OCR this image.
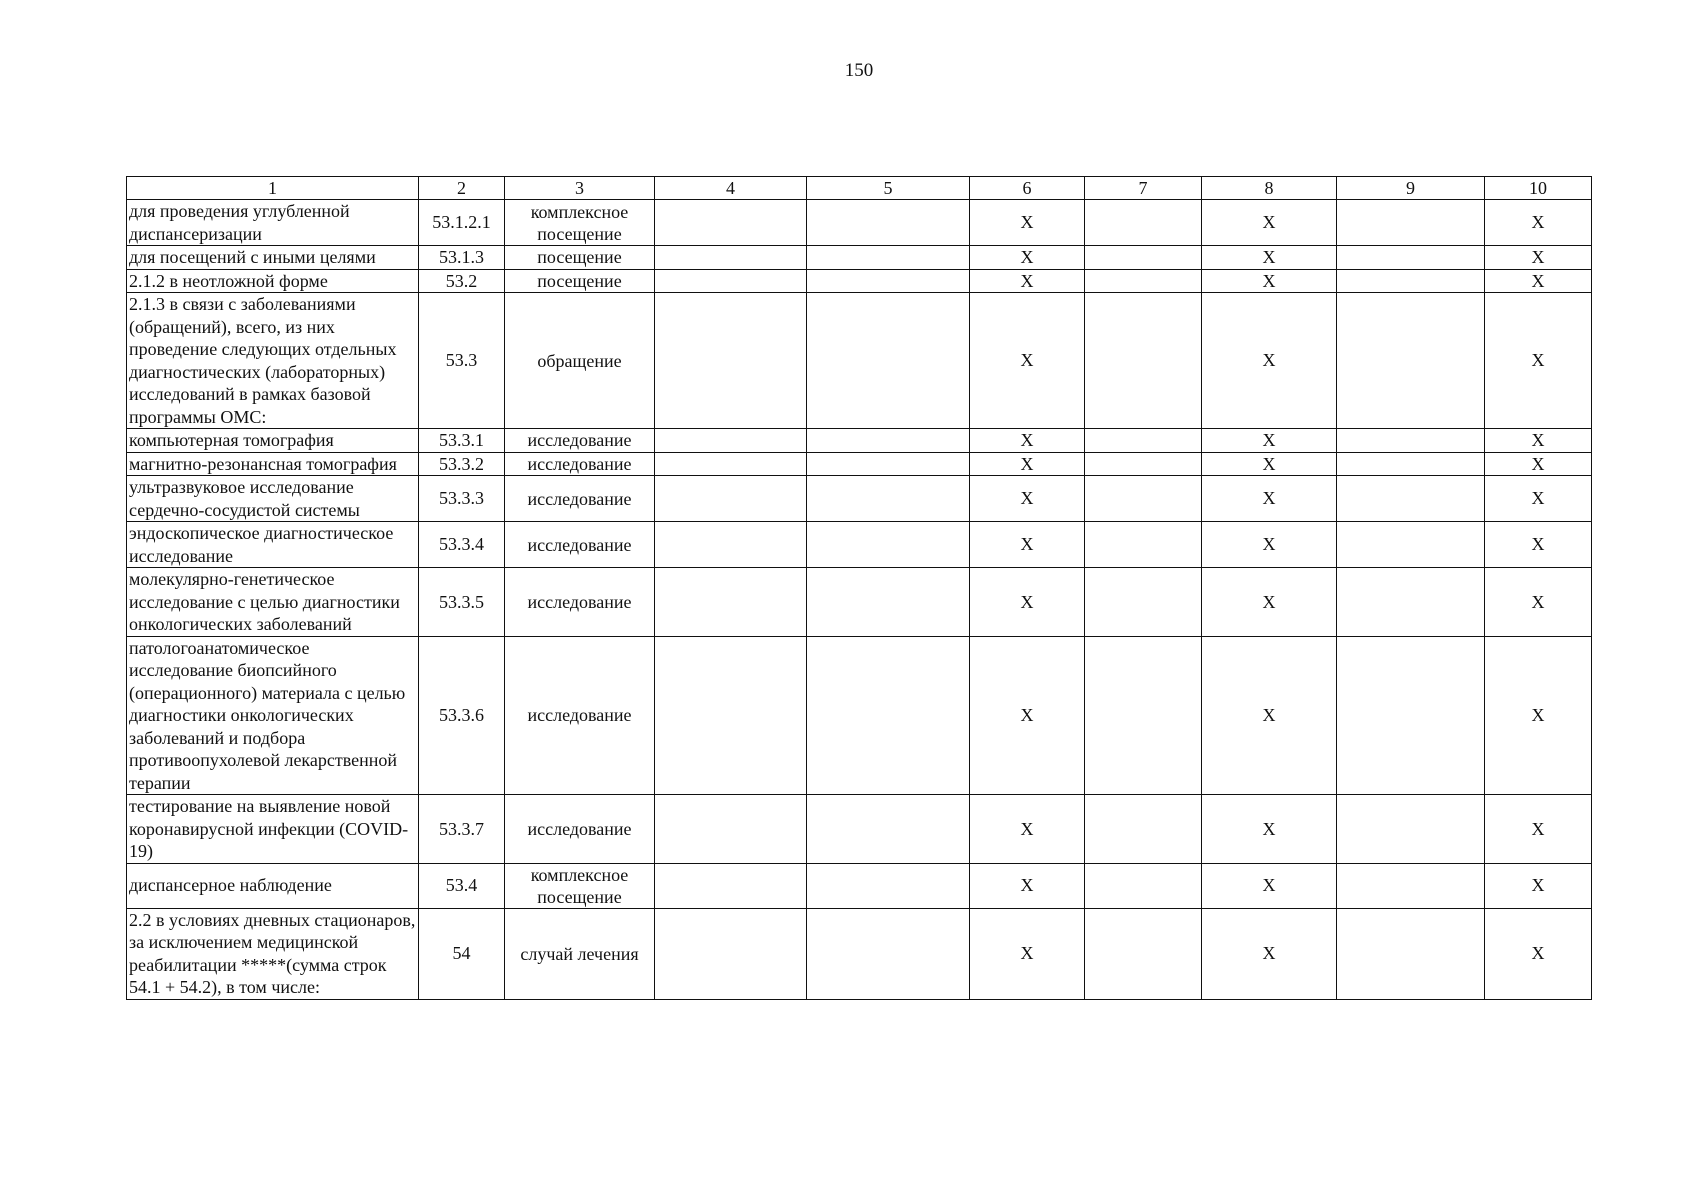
150
1	2	3	4	5	6	7	8	9	10
для проведения углубленной диспансеризации	53.1.2.1	комплексное посещение			Х		Х		Х
для посещений с иными целями	53.1.3	посещение			Х		Х		Х
2.1.2 в неотложной форме	53.2	посещение			Х		Х		Х
2.1.3 в связи с заболеваниями (обращений), всего, из них проведение следующих отдельных диагностических (лабораторных) исследований в рамках базовой программы ОМС:	53.3	обращение			Х		Х		Х
компьютерная томография	53.3.1	исследование			Х		Х		Х
магнитно-резонансная томография	53.3.2	исследование			Х		Х		Х
ультразвуковое исследование сердечно-сосудистой системы	53.3.3	исследование			Х		Х		Х
эндоскопическое диагностическое исследование	53.3.4	исследование			Х		Х		Х
молекулярно-генетическое исследование с целью диагностики онкологических заболеваний	53.3.5	исследование			Х		Х		Х
патологоанатомическое исследование биопсийного (операционного) материала с целью диагностики онкологических заболеваний и подбора противоопухолевой лекарственной терапии	53.3.6	исследование			Х		Х		Х
тестирование на выявление новой коронавирусной инфекции (COVID-19)	53.3.7	исследование			Х		Х		Х
диспансерное наблюдение	53.4	комплексное посещение			Х		Х		Х
2.2 в условиях дневных стационаров, за исключением медицинской реабилитации *****(сумма строк 54.1 + 54.2), в том числе:	54	случай лечения			Х		Х		Х
